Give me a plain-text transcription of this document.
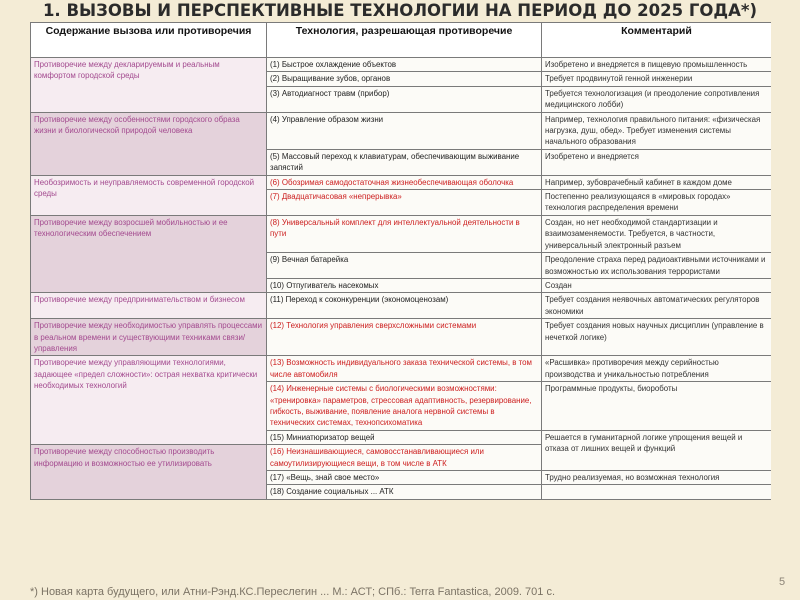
1. ВЫЗОВЫ И ПЕРСПЕКТИВНЫЕ ТЕХНОЛОГИИ НА ПЕРИОД ДО 2025 ГОДА*)
Содержание вызова или противоречия	Технология, разрешающая противоречие	Комментарий
Противоречие между декларируемым и реальным комфортом городской среды	(1) Быстрое охлаждение объектов	Изобретено и внедряется в пищевую промышленность
	(2) Выращивание зубов, органов	Требует продвинутой генной инженерии
	(3) Автодиагност травм (прибор)	Требуется технологизация (и преодоление сопротивления медицинского лобби)
Противоречие между особенностями городского образа жизни и биологической природой человека	(4) Управление образом жизни	Например, технология правильного питания: «физическая нагрузка, душ, обед». Требует изменения системы начального образования
	(5) Массовый переход к клавиатурам, обеспечивающим выживание запястий	Изобретено и внедряется
Необозримость и неуправляемость современной городской среды	(6) Обозримая самодостаточная жизнеобеспечивающая оболочка	Например, зубоврачебный кабинет в каждом доме
	(7) Двадцатичасовая «непрерывка»	Постепенно реализующаяся в «мировых городах» технология распределения времени
Противоречие между возросшей мобильностью и ее технологическим обеспечением	(8) Универсальный комплект для интеллектуальной деятельности в пути	Создан, но нет необходимой стандартизации и взаимозаменяемости. Требуется, в частности, универсальный электронный разъем
	(9) Вечная батарейка	Преодоление страха перед радиоактивными источниками и возможностью их использования террористами
	(10) Отпугиватель насекомых	Создан
Противоречие между предпринимательством и бизнесом	(11) Переход к соконкуренции (экономоценозам)	Требует создания неявочных автоматических регуляторов экономики
Противоречие между необходимостью управлять процессами в реальном времени и существующими техниками связи/управления	(12) Технология управления сверхсложными системами	Требует создания новых научных дисциплин (управление в нечеткой логике)
Противоречие между управляющими технологиями, задающее «предел сложности»: острая нехватка критически необходимых технологий	(13) Возможность индивидуального заказа технической системы, в том числе автомобиля	«Расшивка» противоречия между серийностью производства и уникальностью потребления
	(14) Инженерные системы с биологическими возможностями: «тренировка» параметров, стрессовая адаптивность, резервирование, гибкость, выживание, появление аналога нервной системы в технических системах, технопсихоматика	Программные продукты, биороботы
	(15) Миниатюризатор вещей	Решается в гуманитарной логике упрощения вещей и отказа от лишних вещей и функций
Противоречие между способностью производить информацию и возможностью ее утилизировать	(16) Неизнашивающиеся, самовосстанавливающиеся или самоутилизирующиеся вещи, в том числе в АТК	
	(17) «Вещь, знай свое место»	Трудно реализуемая, но возможная технология
	(18) Создание социальных ... АТК	
*) Новая карта будущего, или Атни-Рэнд.КС.Переслегин ... М.: АСТ; СПб.: Terra Fantastica, 2009. 701 с.
5
